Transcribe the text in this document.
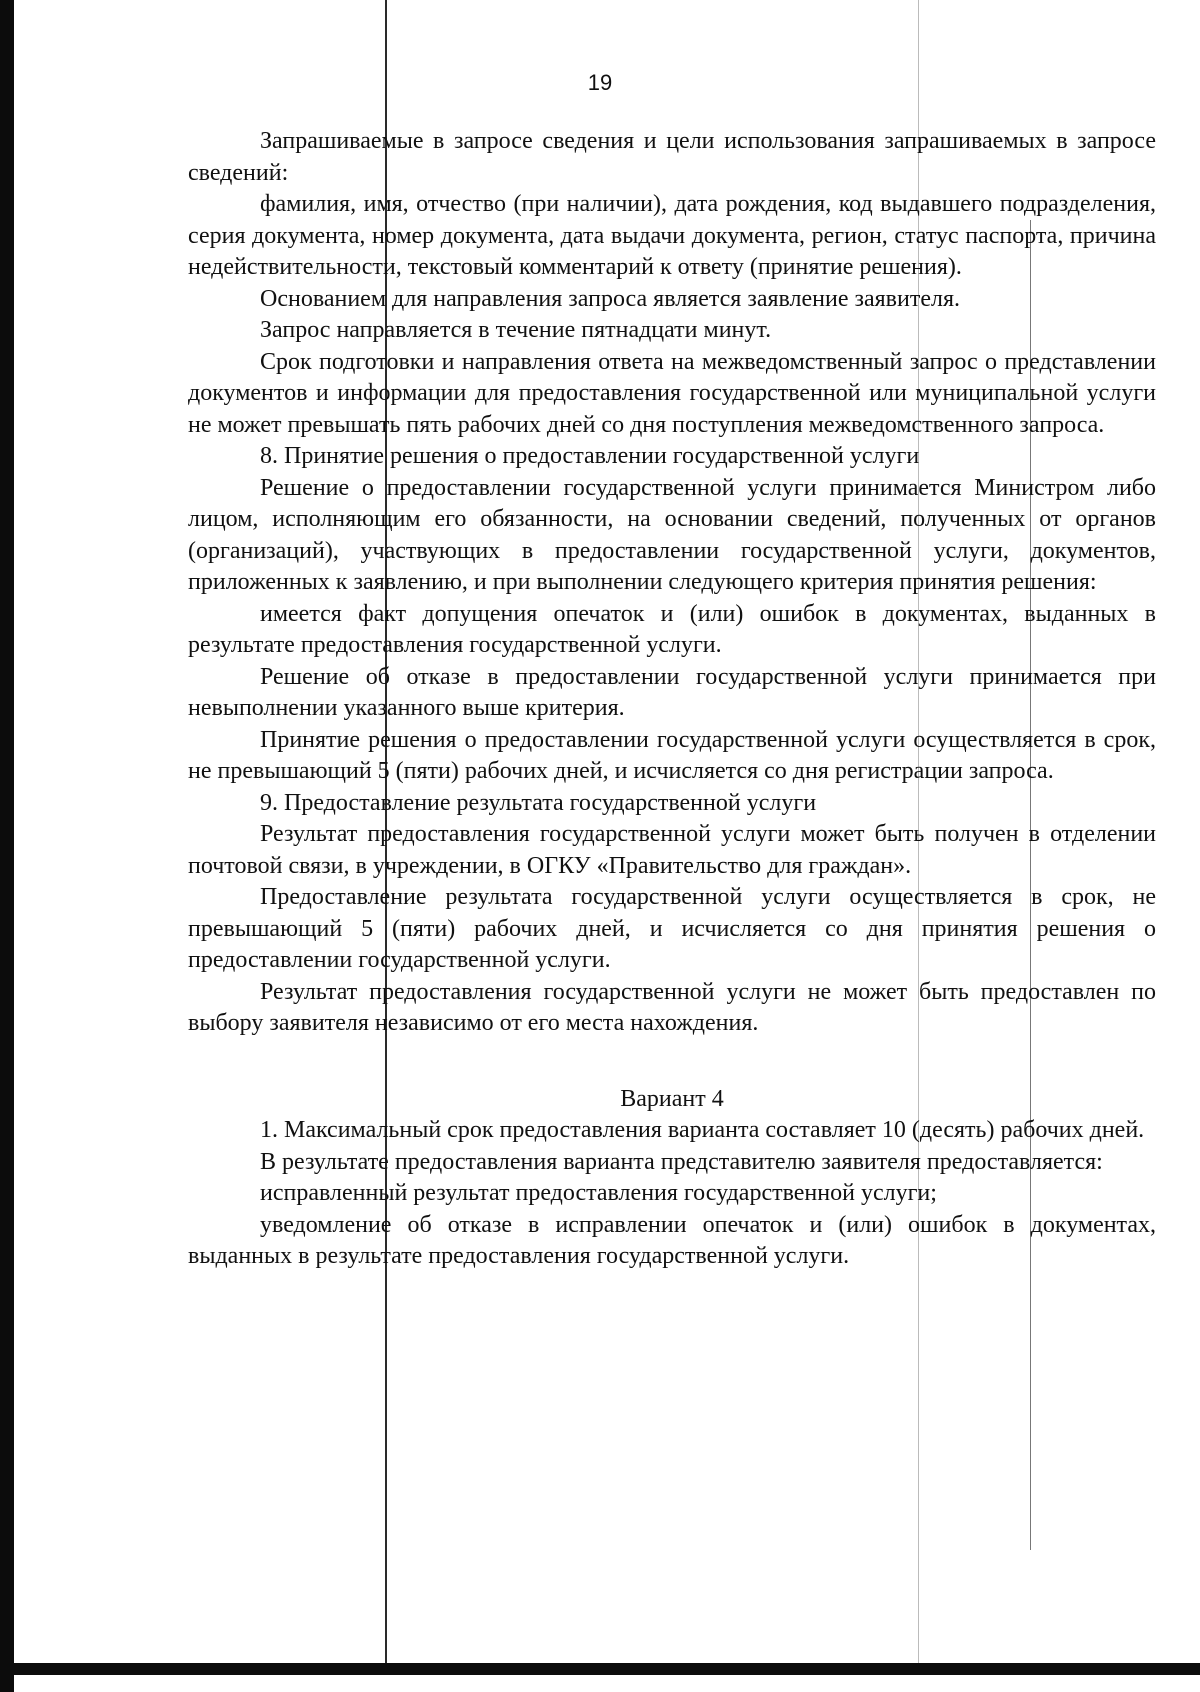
19

Запрашиваемые в запросе сведения и цели использования запрашиваемых в запросе сведений:

фамилия, имя, отчество (при наличии), дата рождения, код выдавшего подразделения, серия документа, номер документа, дата выдачи документа, регион, статус паспорта, причина недействительности, текстовый комментарий к ответу (принятие решения).

Основанием для направления запроса является заявление заявителя.

Запрос направляется в течение пятнадцати минут.

Срок подготовки и направления ответа на межведомственный запрос о представлении документов и информации для предоставления государственной или муниципальной услуги не может превышать пять рабочих дней со дня поступления межведомственного запроса.

8. Принятие решения о предоставлении государственной услуги

Решение о предоставлении государственной услуги принимается Министром либо лицом, исполняющим его обязанности, на основании сведений, полученных от органов (организаций), участвующих в предоставлении государственной услуги, документов, приложенных к заявлению, и при выполнении следующего критерия принятия решения:

имеется факт допущения опечаток и (или) ошибок в документах, выданных в результате предоставления государственной услуги.

Решение об отказе в предоставлении государственной услуги принимается при невыполнении указанного выше критерия.

Принятие решения о предоставлении государственной услуги осуществляется в срок, не превышающий 5 (пяти) рабочих дней, и исчисляется со дня регистрации запроса.

9. Предоставление результата государственной услуги

Результат предоставления государственной услуги может быть получен в отделении почтовой связи, в учреждении, в ОГКУ «Правительство для граждан».

Предоставление результата государственной услуги осуществляется в срок, не превышающий 5 (пяти) рабочих дней, и исчисляется со дня принятия решения о предоставлении государственной услуги.

Результат предоставления государственной услуги не может быть предоставлен по выбору заявителя независимо от его места нахождения.

Вариант 4

1. Максимальный срок предоставления варианта составляет 10 (десять) рабочих дней.

В результате предоставления варианта представителю заявителя предоставляется:

исправленный результат предоставления государственной услуги;

уведомление об отказе в исправлении опечаток и (или) ошибок в документах, выданных в результате предоставления государственной услуги.
